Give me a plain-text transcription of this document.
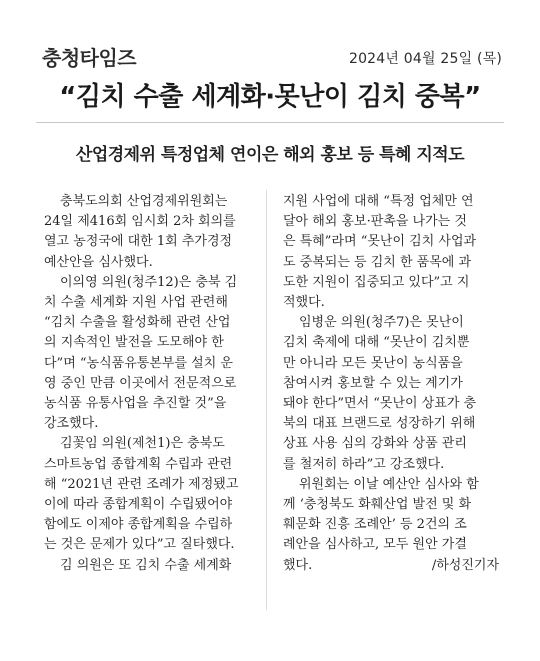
충청타임즈	2024년 04월 25일 (목)
“김치 수출 세계화·못난이 김치 중복”
산업경제위 특정업체 연이은 해외 홍보 등 특혜 지적도
충북도의회 산업경제위원회는
24일 제416회 임시회 2차 회의를
열고 농정국에 대한 1회 추가경정
예산안을 심사했다.
이의영 의원(청주12)은 충북 김
치 수출 세계화 지원 사업 관련해
“김치 수출을 활성화해 관련 산업
의 지속적인 발전을 도모해야 한
다”며 “농식품유통본부를 설치 운
영 중인 만큼 이곳에서 전문적으로
농식품 유통사업을 추진할 것”을
강조했다.
김꽃임 의원(제천1)은 충북도
스마트농업 종합계획 수립과 관련
해 “2021년 관련 조례가 제정됐고
이에 따라 종합계획이 수립됐어야
함에도 이제야 종합계획을 수립하
는 것은 문제가 있다”고 질타했다.
김 의원은 또 김치 수출 세계화
지원 사업에 대해 “특정 업체만 연
달아 해외 홍보·판촉을 나가는 것
은 특혜”라며 “못난이 김치 사업과
도 중복되는 등 김치 한 품목에 과
도한 지원이 집중되고 있다”고 지
적했다.
임병운 의원(청주7)은 못난이
김치 축제에 대해 “못난이 김치뿐
만 아니라 모든 못난이 농식품을
참여시켜 홍보할 수 있는 계기가
돼야 한다”면서 “못난이 상표가 충
북의 대표 브랜드로 성장하기 위해
상표 사용 심의 강화와 상품 관리
를 철저히 하라”고 강조했다.
위원회는 이날 예산안 심사와 함
께 ‘충청북도 화훼산업 발전 및 화
훼문화 진흥 조례안’ 등 2건의 조
례안을 심사하고, 모두 원안 가결
했다.	/하성진기자
